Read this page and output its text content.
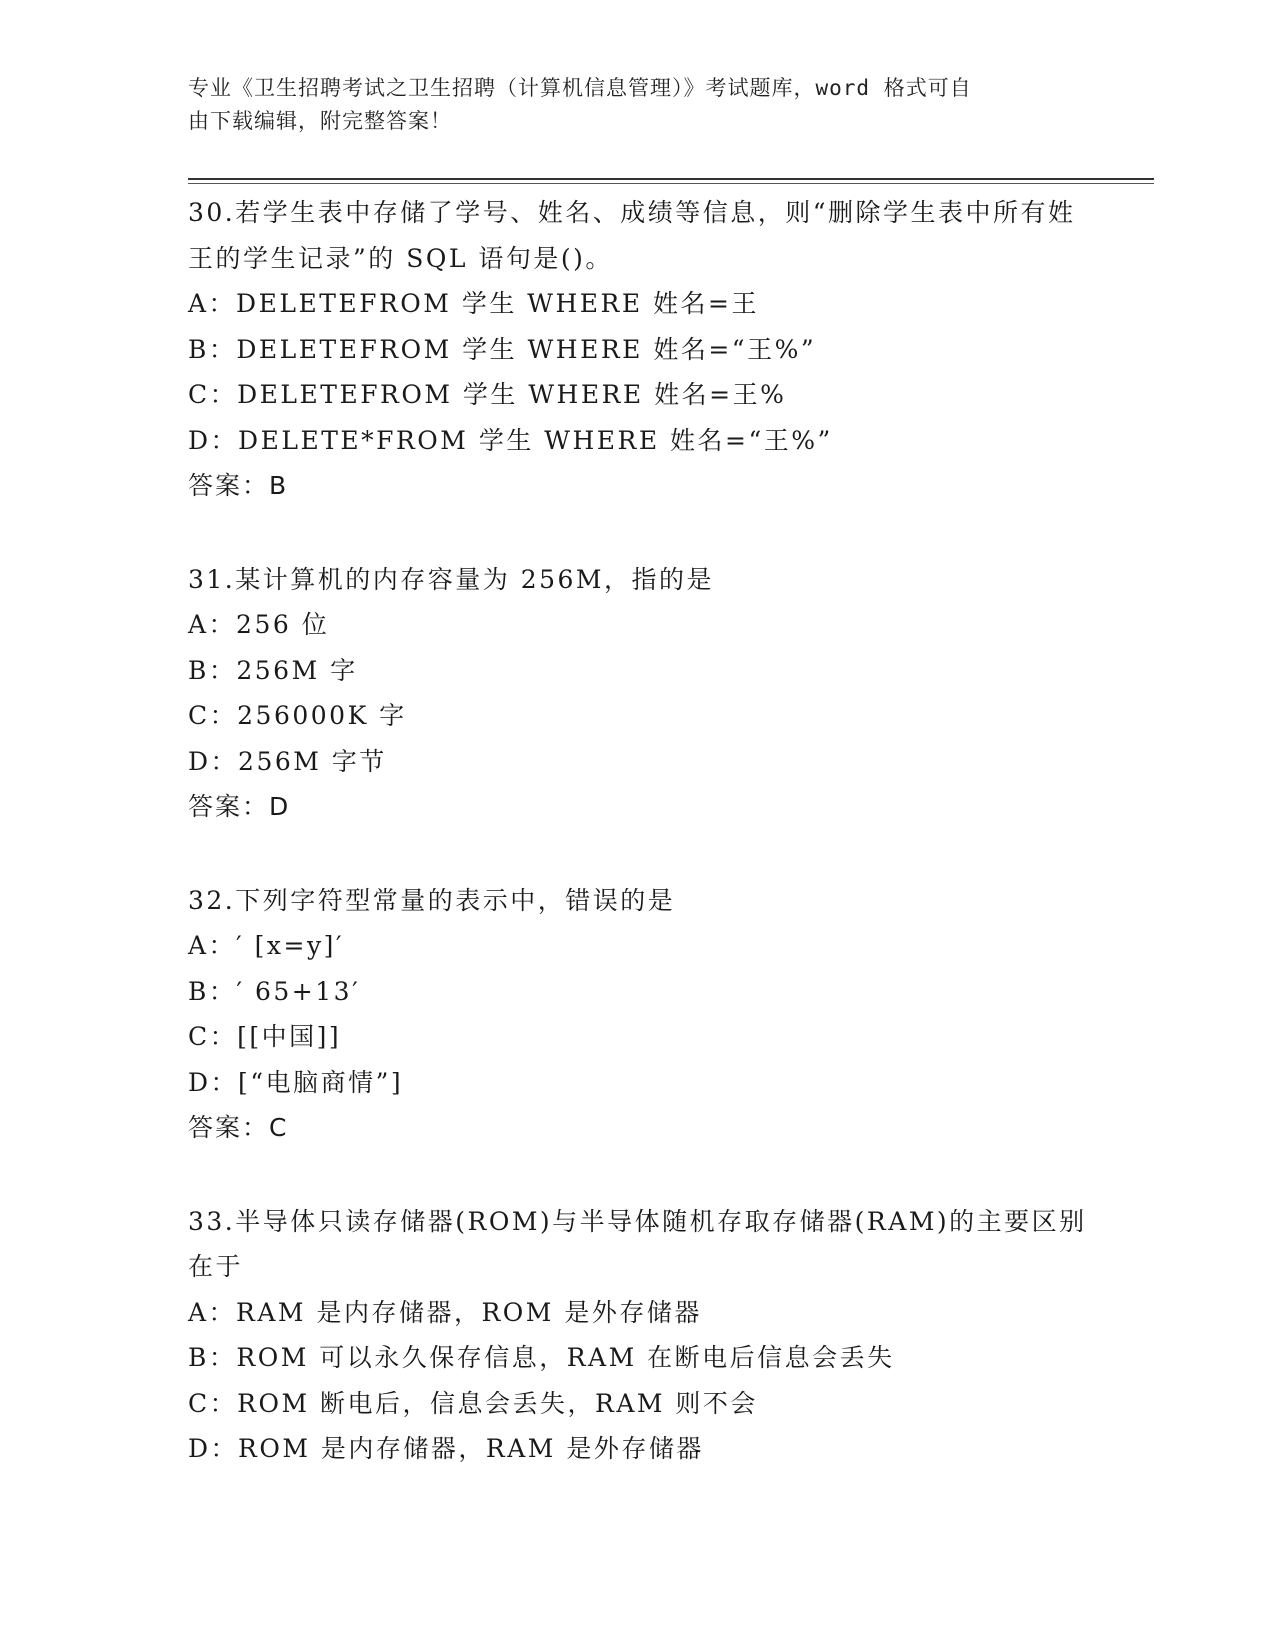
专业《卫生招聘考试之卫生招聘（计算机信息管理）》考试题库，word 格式可自
由下载编辑，附完整答案！

30.若学生表中存储了学号、姓名、成绩等信息，则“删除学生表中所有姓王的学生记录”的 SQL 语句是()。

A：DELETEFROM 学生 WHERE 姓名=王

B：DELETEFROM 学生 WHERE 姓名=“王%”

C：DELETEFROM 学生 WHERE 姓名=王%

D：DELETE*FROM 学生 WHERE 姓名=“王%”

答案：B

31.某计算机的内存容量为 256M，指的是

A：256 位

B：256M 字

C：256000K 字

D：256M 字节

答案：D

32.下列字符型常量的表示中，错误的是

A：′ [x=y]′

B：′ 65+13′

C：[[中国]]

D：[“电脑商情”]

答案：C

33.半导体只读存储器(ROM)与半导体随机存取存储器(RAM)的主要区别在于

A：RAM 是内存储器，ROM 是外存储器

B：ROM 可以永久保存信息，RAM 在断电后信息会丢失

C：ROM 断电后，信息会丢失，RAM 则不会

D：ROM 是内存储器，RAM 是外存储器
